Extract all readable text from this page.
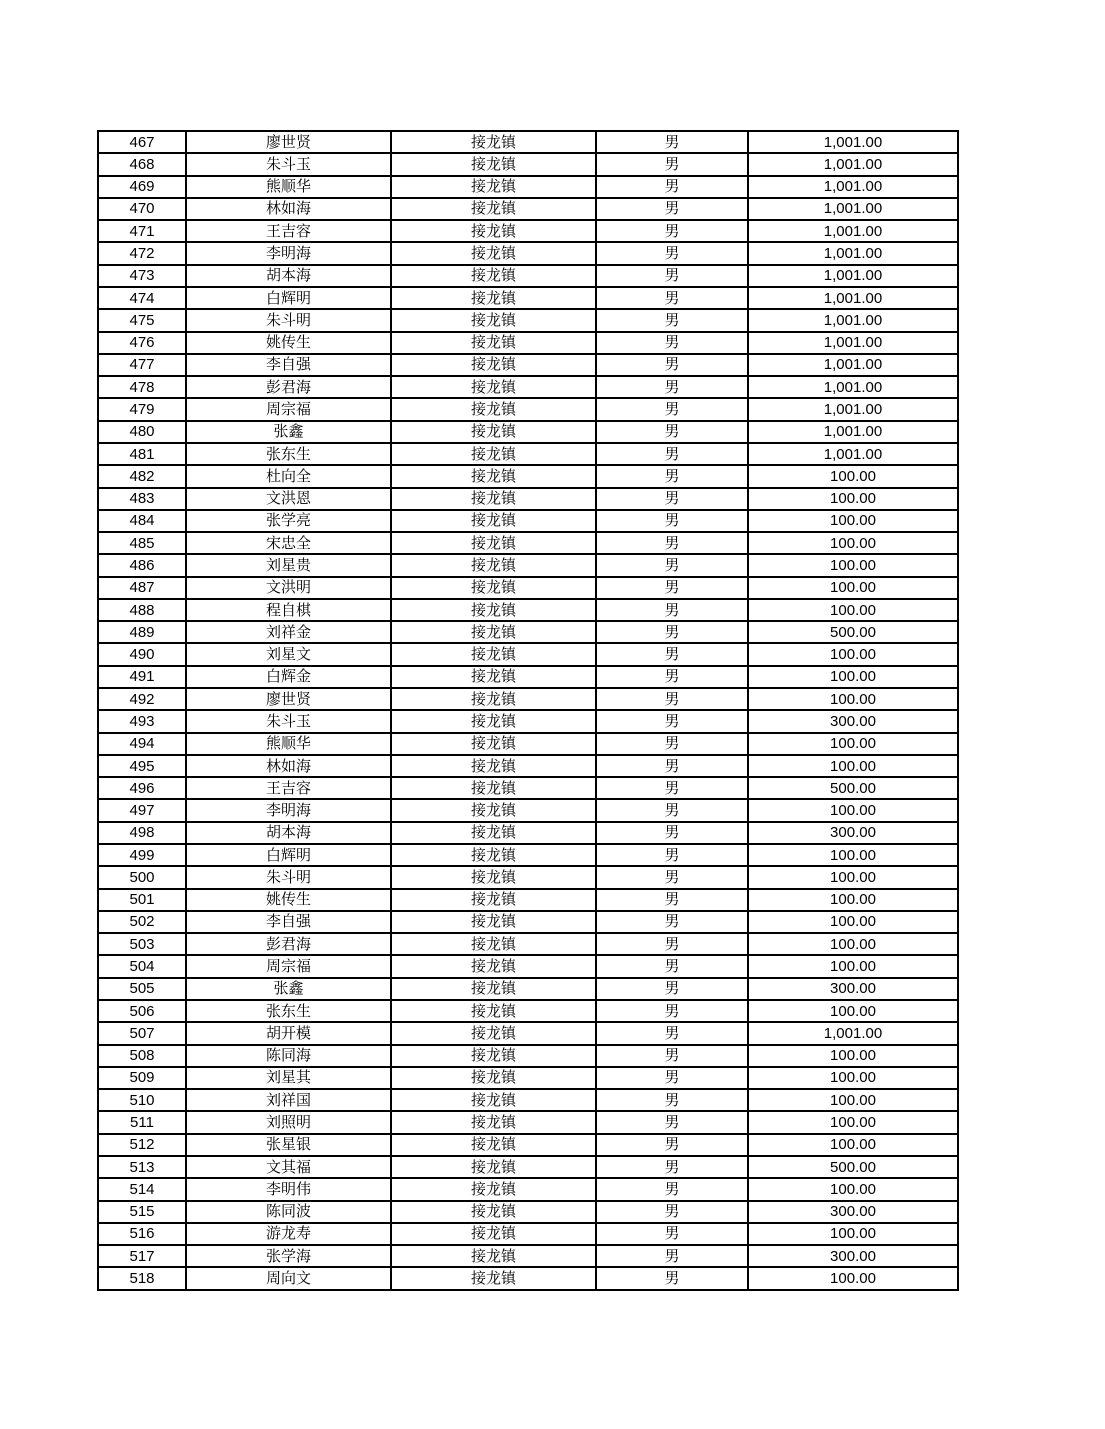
467	廖世贤	接龙镇	男	1,001.00
468	朱斗玉	接龙镇	男	1,001.00
469	熊顺华	接龙镇	男	1,001.00
470	林如海	接龙镇	男	1,001.00
471	王吉容	接龙镇	男	1,001.00
472	李明海	接龙镇	男	1,001.00
473	胡本海	接龙镇	男	1,001.00
474	白辉明	接龙镇	男	1,001.00
475	朱斗明	接龙镇	男	1,001.00
476	姚传生	接龙镇	男	1,001.00
477	李自强	接龙镇	男	1,001.00
478	彭君海	接龙镇	男	1,001.00
479	周宗福	接龙镇	男	1,001.00
480	张鑫	接龙镇	男	1,001.00
481	张东生	接龙镇	男	1,001.00
482	杜向全	接龙镇	男	100.00
483	文洪恩	接龙镇	男	100.00
484	张学亮	接龙镇	男	100.00
485	宋忠全	接龙镇	男	100.00
486	刘星贵	接龙镇	男	100.00
487	文洪明	接龙镇	男	100.00
488	程自棋	接龙镇	男	100.00
489	刘祥金	接龙镇	男	500.00
490	刘星文	接龙镇	男	100.00
491	白辉金	接龙镇	男	100.00
492	廖世贤	接龙镇	男	100.00
493	朱斗玉	接龙镇	男	300.00
494	熊顺华	接龙镇	男	100.00
495	林如海	接龙镇	男	100.00
496	王吉容	接龙镇	男	500.00
497	李明海	接龙镇	男	100.00
498	胡本海	接龙镇	男	300.00
499	白辉明	接龙镇	男	100.00
500	朱斗明	接龙镇	男	100.00
501	姚传生	接龙镇	男	100.00
502	李自强	接龙镇	男	100.00
503	彭君海	接龙镇	男	100.00
504	周宗福	接龙镇	男	100.00
505	张鑫	接龙镇	男	300.00
506	张东生	接龙镇	男	100.00
507	胡开模	接龙镇	男	1,001.00
508	陈同海	接龙镇	男	100.00
509	刘星其	接龙镇	男	100.00
510	刘祥国	接龙镇	男	100.00
511	刘照明	接龙镇	男	100.00
512	张星银	接龙镇	男	100.00
513	文其福	接龙镇	男	500.00
514	李明伟	接龙镇	男	100.00
515	陈同波	接龙镇	男	300.00
516	游龙寿	接龙镇	男	100.00
517	张学海	接龙镇	男	300.00
518	周向文	接龙镇	男	100.00
